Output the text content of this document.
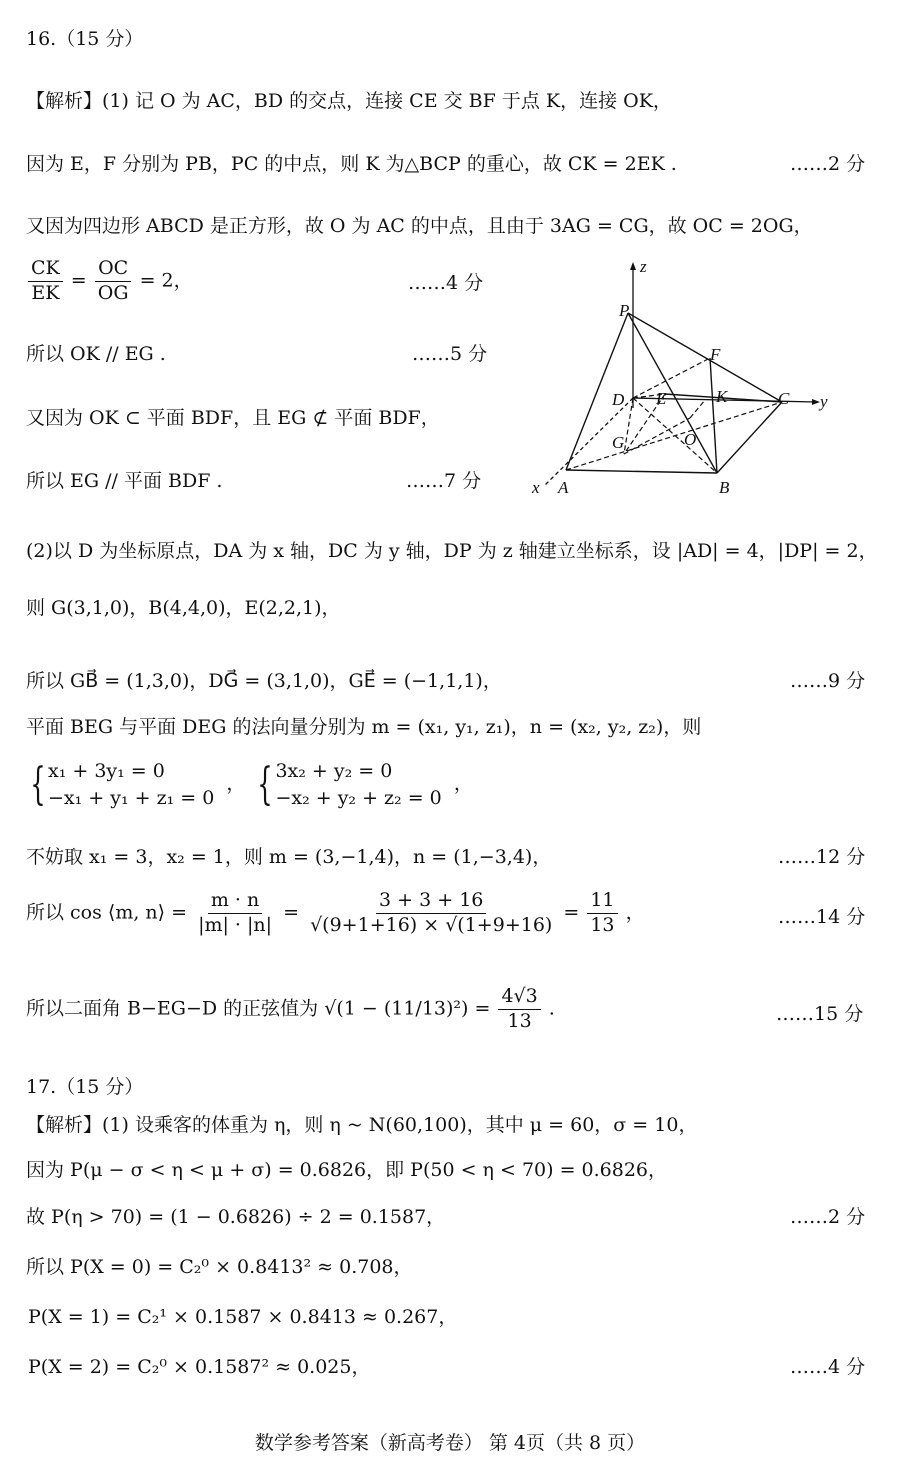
16.（15 分）
【解析】(1) 记 O 为 AC，BD 的交点，连接 CE 交 BF 于点 K，连接 OK，
因为 E，F 分别为 PB，PC 的中点，则 K 为△BCP 的重心，故 CK = 2EK .	……2 分
又因为四边形 ABCD 是正方形，故 O 为 AC 的中点，且由于 3AG = CG，故 OC = 2OG，
$\frac{CK}{EK} = \frac{OC}{OG} = 2$，	……4 分
所以 OK // EG .	……5 分
又因为 OK ⊂ 平面 BDF，且 EG ⊄ 平面 BDF，
所以 EG // 平面 BDF .	……7 分
z
y
x
P
F
D E	K	C
G	O
A	B
(2)以 D 为坐标原点，DA 为 x 轴，DC 为 y 轴，DP 为 z 轴建立坐标系，设 |AD| = 4，|DP| = 2，
则 G(3,1,0)，B(4,4,0)，E(2,2,1)，
所以 GB⃗ = (1,3,0)，DG⃗ = (3,1,0)，GE⃗ = (−1,1,1)，	……9 分
平面 BEG 与平面 DEG 的法向量分别为 m = (x₁, y₁, z₁)，n = (x₂, y₂, z₂)，则
{ x₁ + 3y₁ = 0
−x₁ + y₁ + z₁ = 0
， { 3x₂ + y₂ = 0
−x₂ + y₂ + z₂ = 0
，
不妨取 x₁ = 3，x₂ = 1，则 m = (3,−1,4)，n = (1,−3,4)，	……12 分
所以 cos ⟨m, n⟩ = $\frac{m \cdot n}{|m| \cdot |n|} = \frac{3 + 3 + 16}{√(9+1+16) \times √(1+9+16)} = \frac{11}{13}$ ，	……14 分
所以二面角 B−EG−D 的正弦值为 $√(1 - (11/13)^2) = \frac{4√3}{13}$ .	……15 分
17.（15 分）
【解析】(1) 设乘客的体重为 η，则 η ~ N(60,100)，其中 μ = 60，σ = 10，
因为 P(μ − σ < η < μ + σ) = 0.6826，即 P(50 < η < 70) = 0.6826，
故 P(η > 70) = (1 − 0.6826) ÷ 2 = 0.1587，	……2 分
所以 P(X = 0) = C₂⁰ × 0.8413² ≈ 0.708，
P(X = 1) = C₂¹ × 0.1587 × 0.8413 ≈ 0.267，
P(X = 2) = C₂⁰ × 0.1587² ≈ 0.025，	……4 分
数学参考答案（新高考卷） 第 4页（共 8 页）
